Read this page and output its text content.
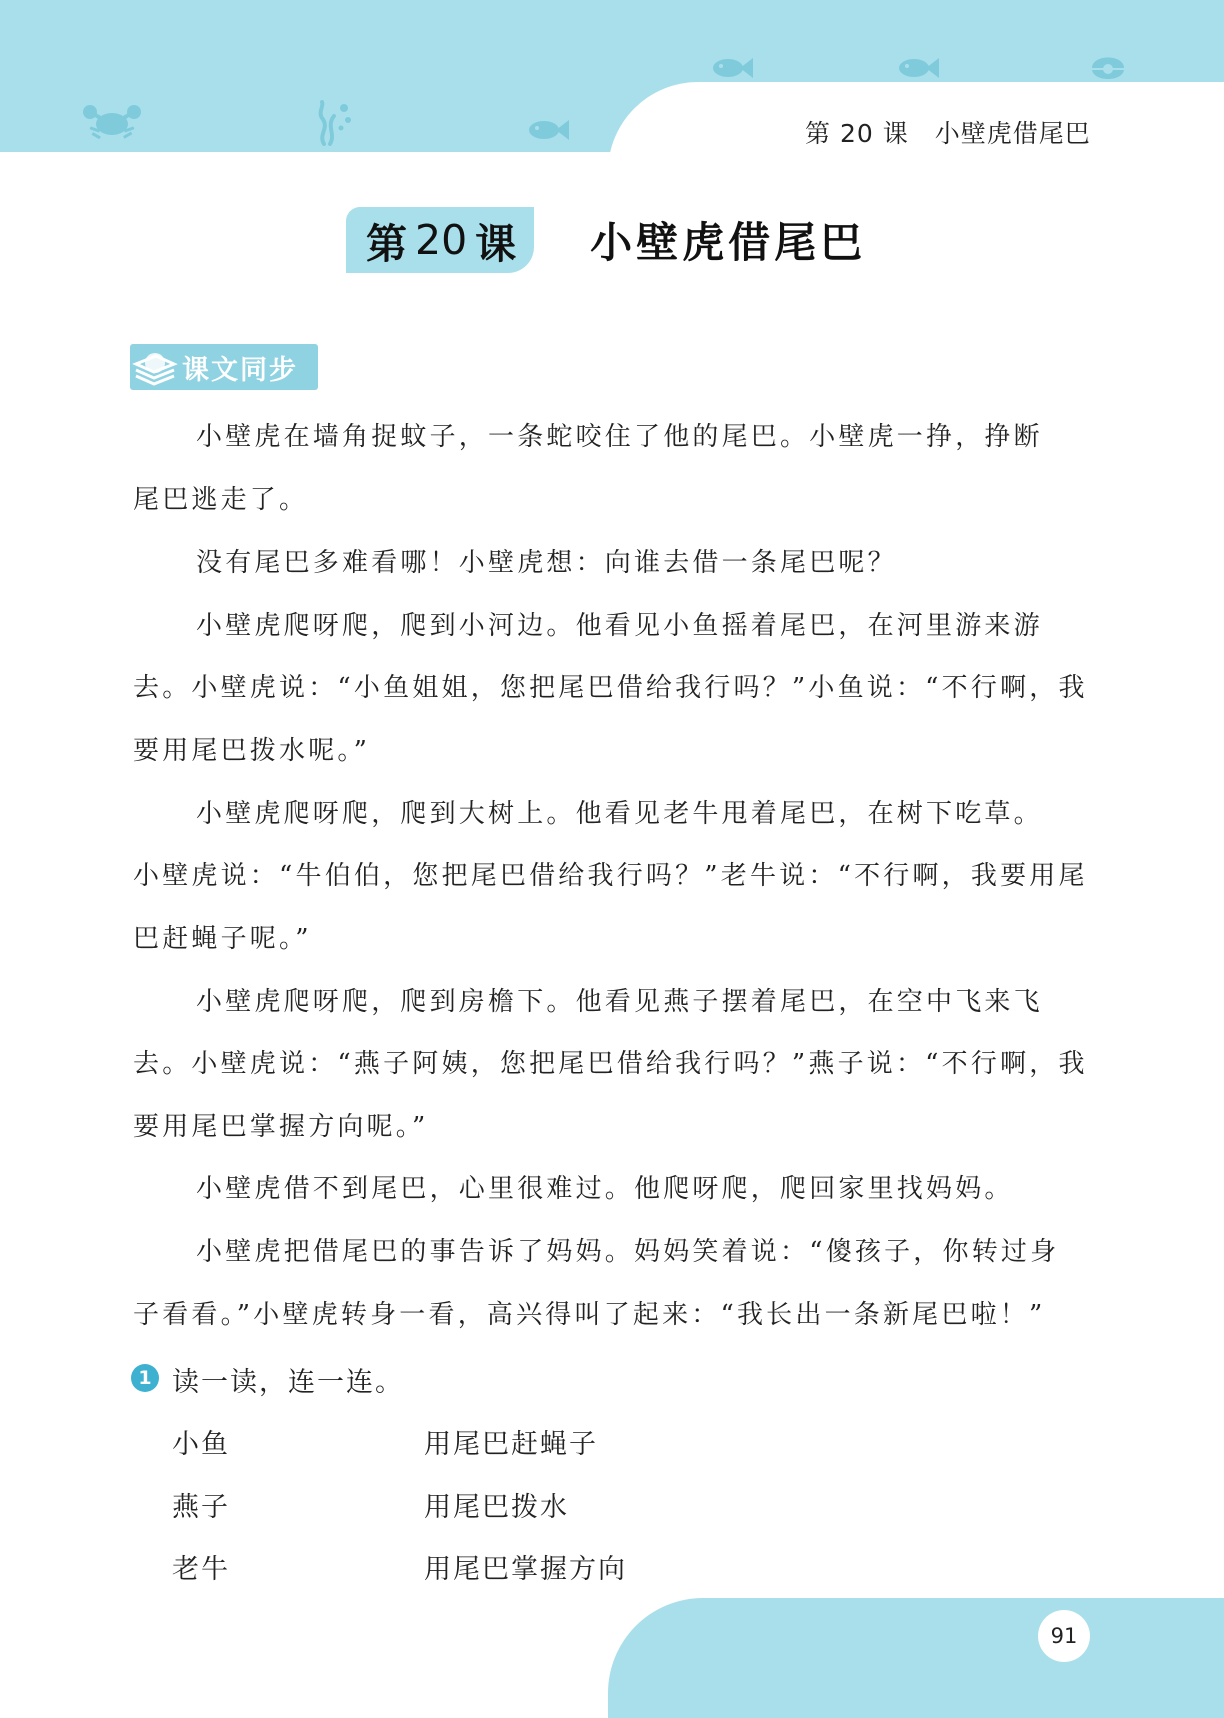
第 20 课 小壁虎借尾巴
第 20 课 小壁虎借尾巴
课文同步
小壁虎在墙角捉蚊子，一条蛇咬住了他的尾巴。小壁虎一挣，挣断
尾巴逃走了。
没有尾巴多难看哪！小壁虎想：向谁去借一条尾巴呢？
小壁虎爬呀爬，爬到小河边。他看见小鱼摇着尾巴，在河里游来游
去。小壁虎说：“小鱼姐姐，您把尾巴借给我行吗？”小鱼说：“不行啊，我
要用尾巴拨水呢。”
小壁虎爬呀爬，爬到大树上。他看见老牛甩着尾巴，在树下吃草。
小壁虎说：“牛伯伯，您把尾巴借给我行吗？”老牛说：“不行啊，我要用尾
巴赶蝇子呢。”
小壁虎爬呀爬，爬到房檐下。他看见燕子摆着尾巴，在空中飞来飞
去。小壁虎说：“燕子阿姨，您把尾巴借给我行吗？”燕子说：“不行啊，我
要用尾巴掌握方向呢。”
小壁虎借不到尾巴，心里很难过。他爬呀爬，爬回家里找妈妈。
小壁虎把借尾巴的事告诉了妈妈。妈妈笑着说：“傻孩子，你转过身
子看看。”小壁虎转身一看，高兴得叫了起来：“我长出一条新尾巴啦！”
1 读一读，连一连。
小鱼
燕子
老牛
用尾巴赶蝇子
用尾巴拨水
用尾巴掌握方向
91
